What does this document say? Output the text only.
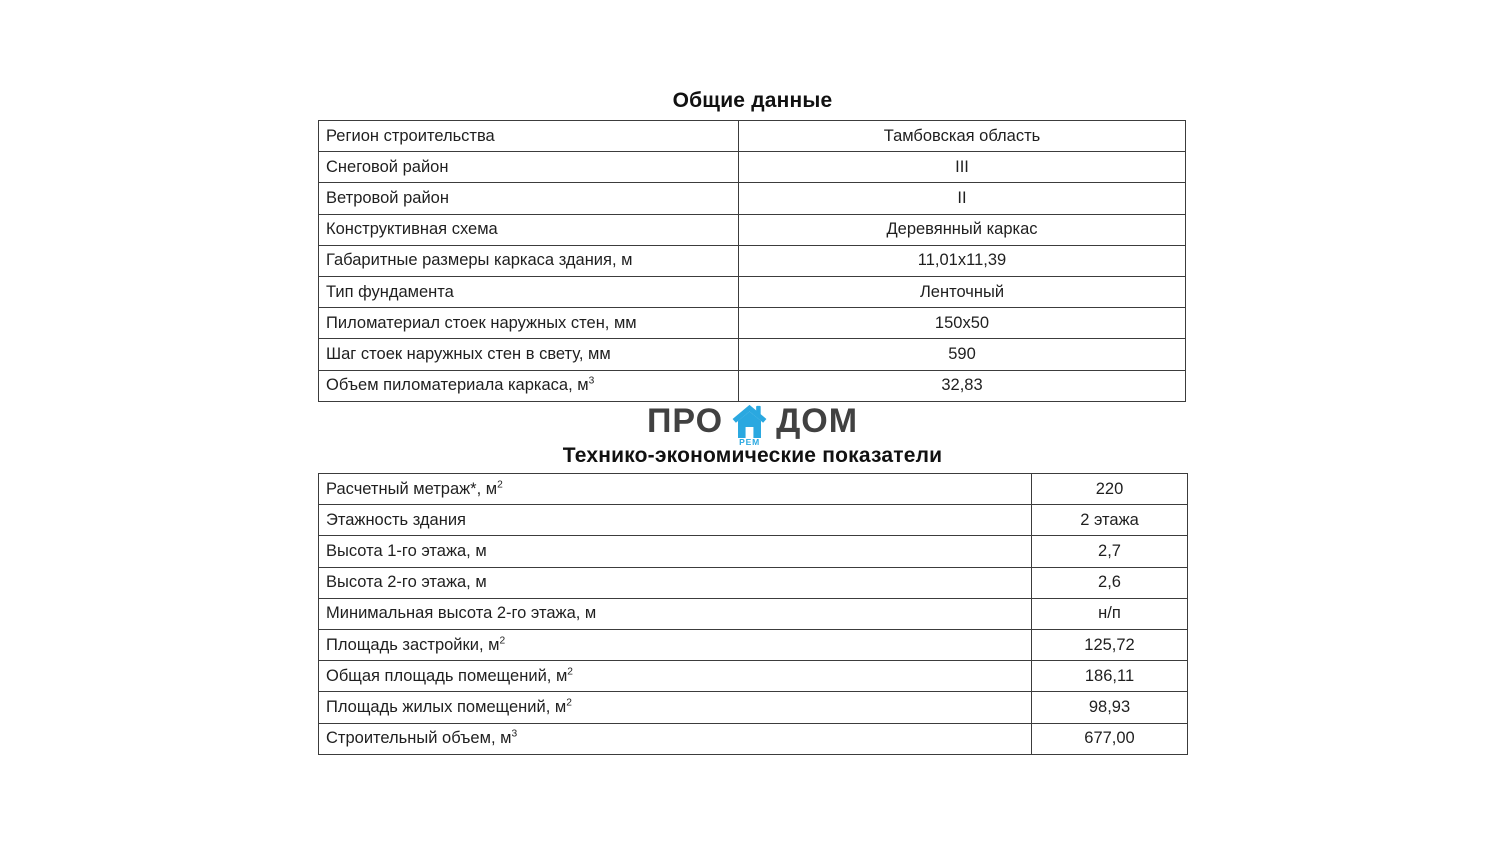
Общие данные
Регион строительства	Тамбовская область
Снеговой район	III
Ветровой район	II
Конструктивная схема	Деревянный каркас
Габаритные размеры каркаса здания, м	11,01х11,39
Тип фундамента	Ленточный
Пиломатериал стоек наружных стен, мм	150х50
Шаг стоек наружных стен в свету, мм	590
Объем пиломатериала каркаса, $м^3$	32,83
ПРО
РЕМ
ДОМ
Технико-экономические показатели
Расчетный метраж*, $м^2$	220
Этажность здания	2 этажа
Высота 1-го этажа, м	2,7
Высота 2-го этажа, м	2,6
Минимальная высота 2-го этажа, м	н/п
Площадь застройки, $м^2$	125,72
Общая площадь помещений, $м^2$	186,11
Площадь жилых помещений, $м^2$	98,93
Строительный объем, $м^3$	677,00
